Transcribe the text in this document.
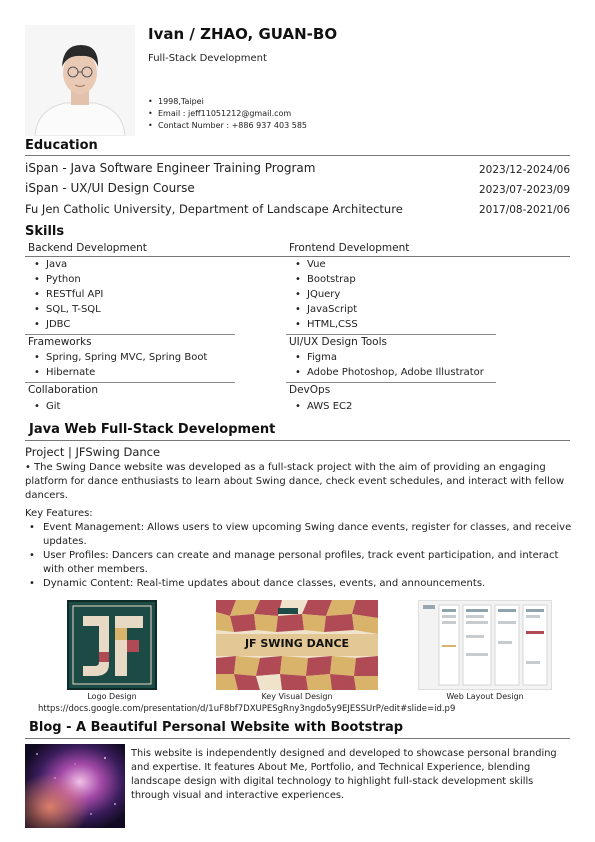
Ivan / ZHAO, GUAN-BO
Full-Stack Development
• 1998,Taipei
• Email : jeff11051212@gmail.com
• Contact Number : +886 937 403 585
Education
iSpan - Java Software Engineer Training Program	2023/12-2024/06
iSpan - UX/UI Design Course	2023/07-2023/09
Fu Jen Catholic University, Department of Landscape Architecture	2017/08-2021/06
Skills
Backend Development	Frontend Development
• Java
• Python
• RESTful API
• SQL, T-SQL
• JDBC
• Vue
• Bootstrap
• JQuery
• JavaScript
• HTML,CSS
Frameworks	UI/UX Design Tools
• Spring, Spring MVC, Spring Boot
• Hibernate
• Figma
• Adobe Photoshop, Adobe Illustrator
Collaboration	DevOps
• Git
•	AWS EC2
Java Web Full-Stack Development
Project | JFSwing Dance
• The Swing Dance website was developed as a full-stack project with the aim of providing an engaging platform for dance enthusiasts to learn about Swing dance, check event schedules, and interact with fellow dancers.
Key Features:
• Event Management: Allows users to view upcoming Swing dance events, register for classes, and receive updates.
• User Profiles: Dancers can create and manage personal profiles, track event participation, and interact with other members.
• Dynamic Content: Real-time updates about dance classes, events, and announcements.
JF SWING DANCE
Logo Design	Key Visual Design	Web Layout Design
https://docs.google.com/presentation/d/1uF8bf7DXUPESgRny3ngdo5y9EJESSUrP/edit#slide=id.p9
Blog - A Beautiful Personal Website with Bootstrap
This website is independently designed and developed to showcase personal branding and expertise. It features About Me, Portfolio, and Technical Experience, blending landscape design with digital technology to highlight full-stack development skills through visual and interactive experiences.
